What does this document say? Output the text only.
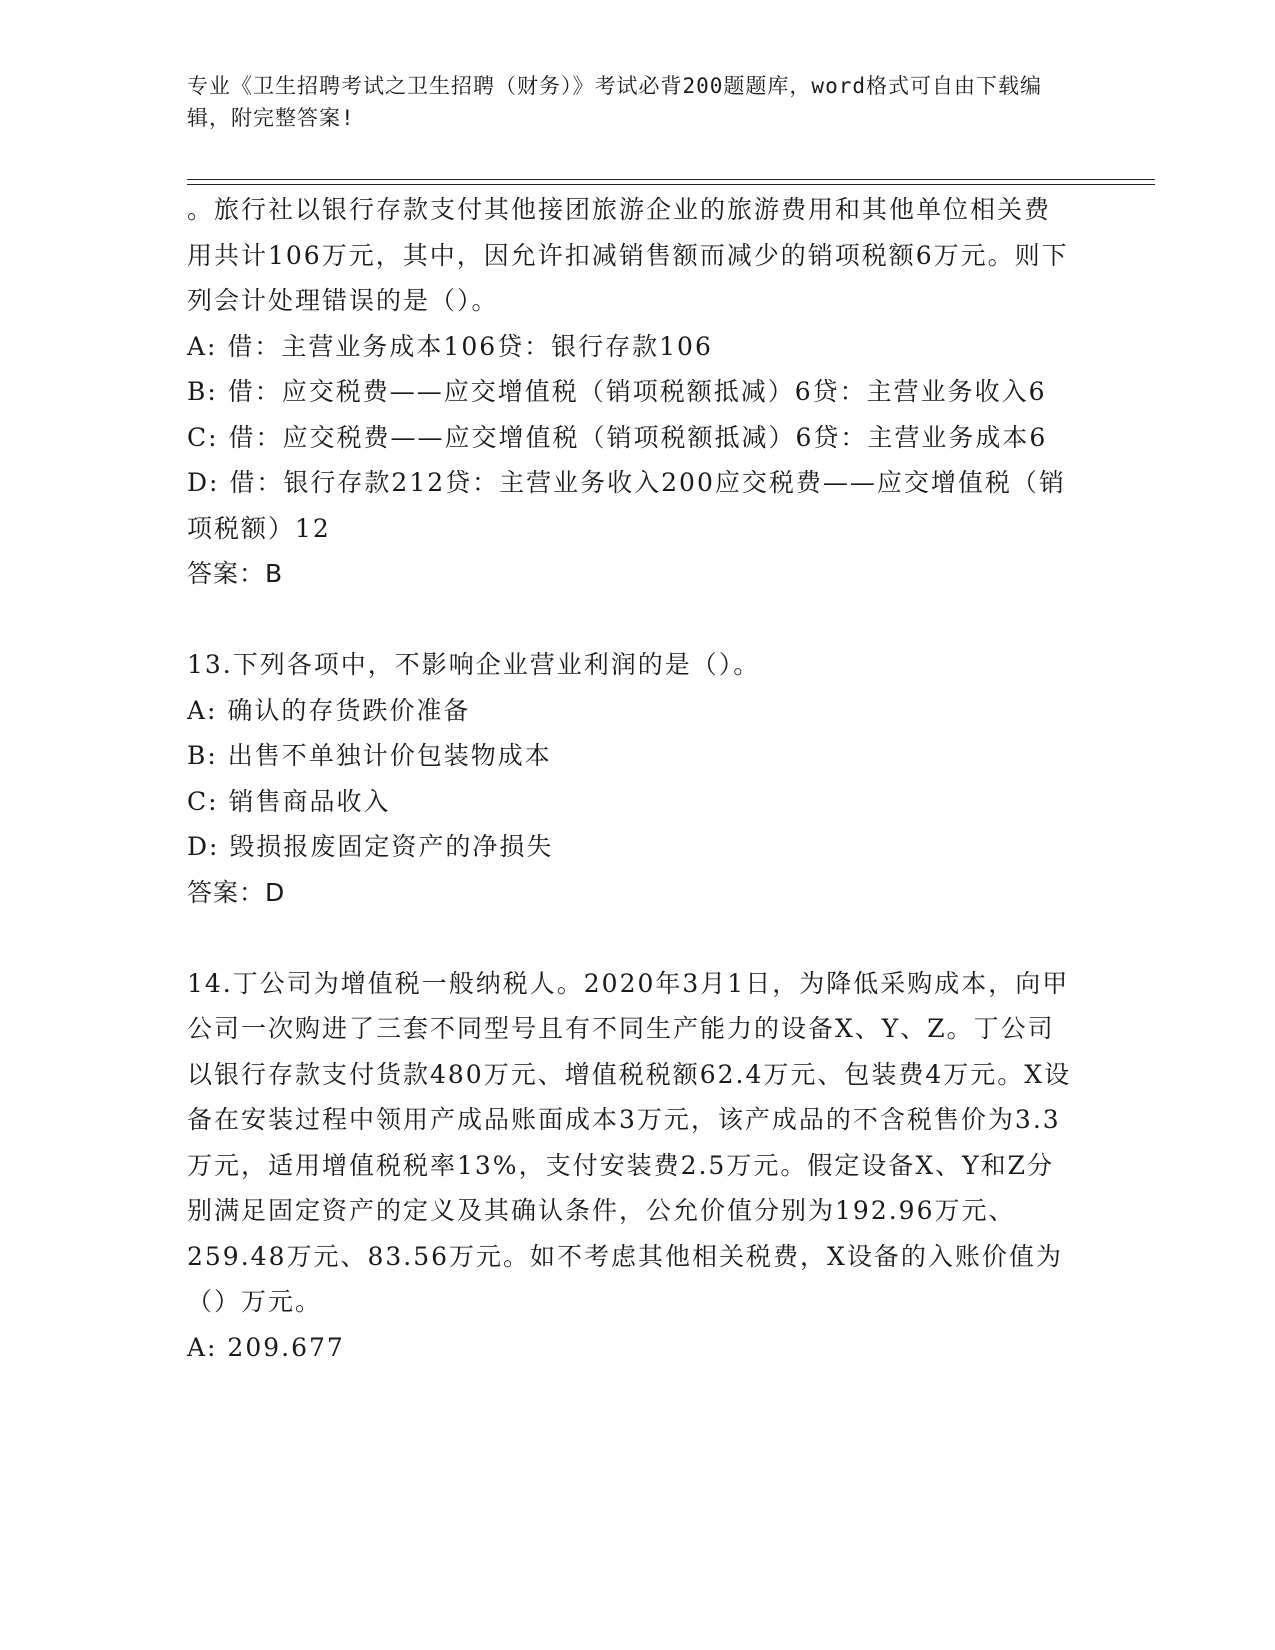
专业《卫生招聘考试之卫生招聘（财务）》考试必背200题题库，word格式可自由下载编辑，附完整答案!

。旅行社以银行存款支付其他接团旅游企业的旅游费用和其他单位相关费用共计106万元，其中，因允许扣减销售额而减少的销项税额6万元。则下列会计处理错误的是（）。

A: 借：主营业务成本106贷：银行存款106

B: 借：应交税费——应交增值税（销项税额抵减）6贷：主营业务收入6

C: 借：应交税费——应交增值税（销项税额抵减）6贷：主营业务成本6

D: 借：银行存款212贷：主营业务收入200应交税费——应交增值税（销项税额）12

答案：B

13.下列各项中，不影响企业营业利润的是（）。

A: 确认的存货跌价准备

B: 出售不单独计价包装物成本

C: 销售商品收入

D: 毁损报废固定资产的净损失

答案：D

14.丁公司为增值税一般纳税人。2020年3月1日，为降低采购成本，向甲公司一次购进了三套不同型号且有不同生产能力的设备X、Y、Z。丁公司以银行存款支付货款480万元、增值税税额62.4万元、包装费4万元。X设备在安装过程中领用产成品账面成本3万元，该产成品的不含税售价为3.3万元，适用增值税税率13%，支付安装费2.5万元。假定设备X、Y和Z分别满足固定资产的定义及其确认条件，公允价值分别为192.96万元、259.48万元、83.56万元。如不考虑其他相关税费，X设备的入账价值为（）万元。

A: 209.677
